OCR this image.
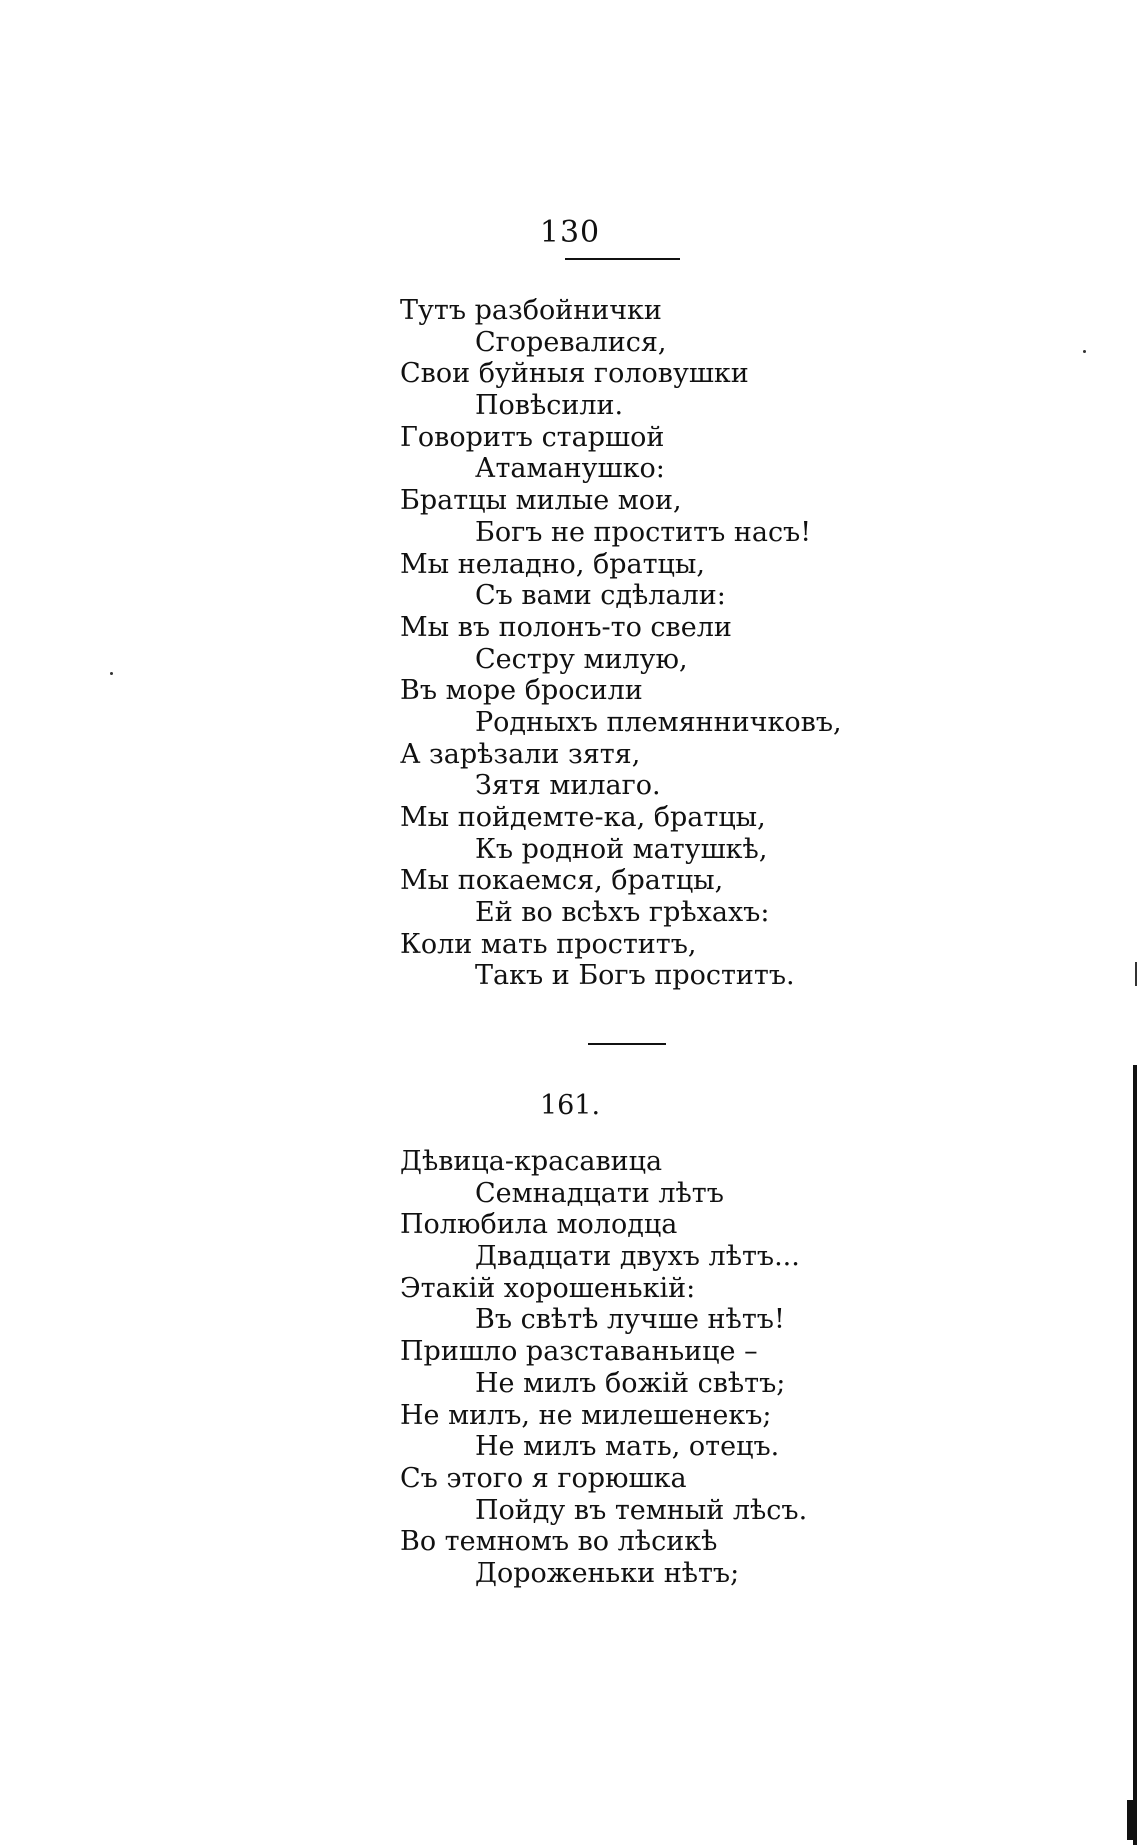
130
Тутъ разбойнички
Сгоревалися,
Свои буйныя головушки
Повѣсили.
Говоритъ старшой
Атаманушко:
Братцы милые мои,
Богъ не проститъ насъ!
Мы неладно, братцы,
Съ вами сдѣлали:
Мы въ полонъ-то свели
Сестру милую,
Въ море бросили
Родныхъ племянничковъ,
А зарѣзали зятя,
Зятя милаго.
Мы пойдемте-ка, братцы,
Къ родной матушкѣ,
Мы покаемся, братцы,
Ей во всѣхъ грѣхахъ:
Коли мать проститъ,
Такъ и Богъ проститъ.
161.
Дѣвица-красавица
Семнадцати лѣтъ
Полюбила молодца
Двадцати двухъ лѣтъ...
Этакій хорошенькій:
Въ свѣтѣ лучше нѣтъ!
Пришло разставаньице –
Не милъ божій свѣтъ;
Не милъ, не милешенекъ;
Не милъ мать, отецъ.
Съ этого я горюшка
Пойду въ темный лѣсъ.
Во темномъ во лѣсикѣ
Дороженьки нѣтъ;
